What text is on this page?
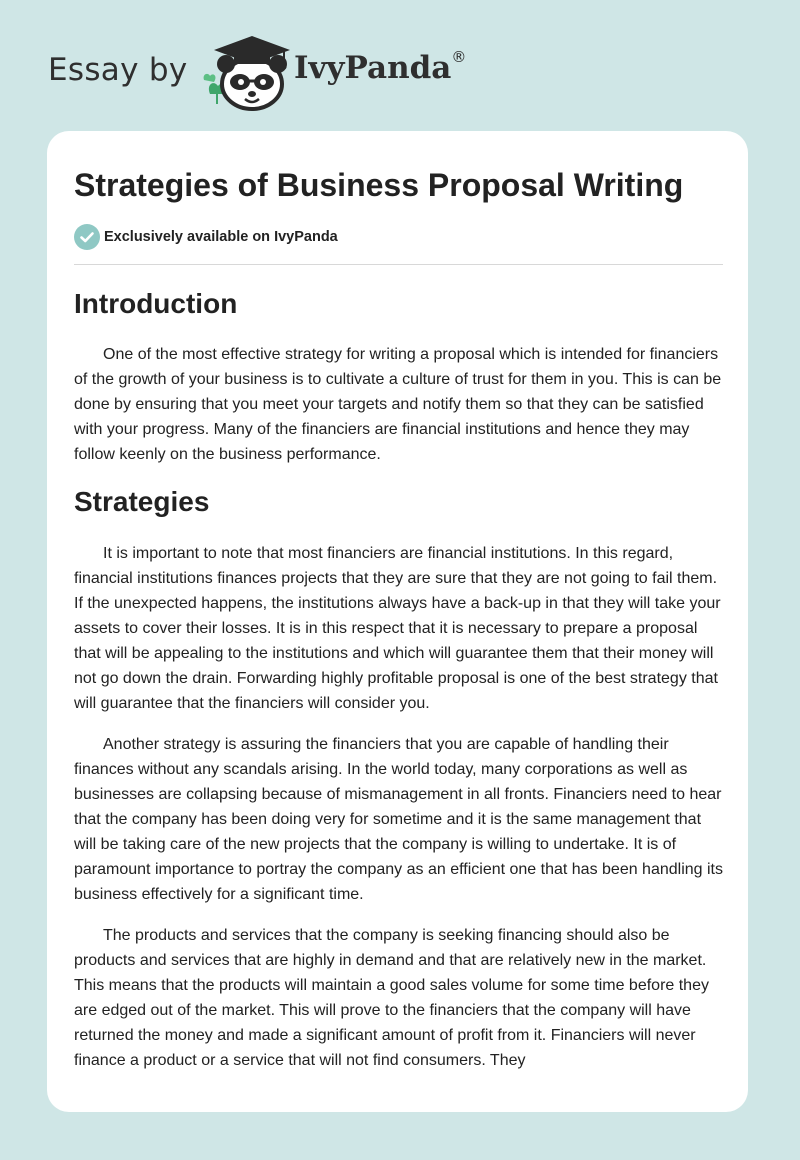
Essay by	IvyPanda®
Strategies of Business Proposal Writing
Exclusively available on IvyPanda
Introduction

One of the most effective strategy for writing a proposal which is intended for financiers of the growth of your business is to cultivate a culture of trust for them in you. This is can be done by ensuring that you meet your targets and notify them so that they can be satisfied with your progress. Many of the financiers are financial institutions and hence they may follow keenly on the business performance.

Strategies

It is important to note that most financiers are financial institutions. In this regard, financial institutions finances projects that they are sure that they are not going to fail them. If the unexpected happens, the institutions always have a back-up in that they will take your assets to cover their losses. It is in this respect that it is necessary to prepare a proposal that will be appealing to the institutions and which will guarantee them that their money will not go down the drain. Forwarding highly profitable proposal is one of the best strategy that will guarantee that the financiers will consider you.

Another strategy is assuring the financiers that you are capable of handling their finances without any scandals arising. In the world today, many corporations as well as businesses are collapsing because of mismanagement in all fronts. Financiers need to hear that the company has been doing very for sometime and it is the same management that will be taking care of the new projects that the company is willing to undertake. It is of paramount importance to portray the company as an efficient one that has been handling its business effectively for a significant time.

The products and services that the company is seeking financing should also be products and services that are highly in demand and that are relatively new in the market. This means that the products will maintain a good sales volume for some time before they are edged out of the market. This will prove to the financiers that the company will have returned the money and made a significant amount of profit from it. Financiers will never finance a product or a service that will not find consumers. They
